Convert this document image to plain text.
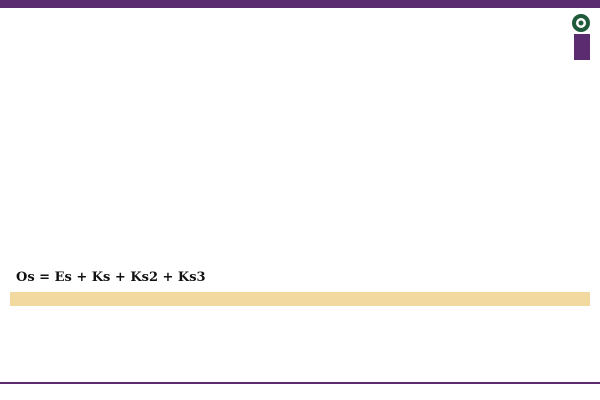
Os = Es + Ks + Ks2 + Ks3
